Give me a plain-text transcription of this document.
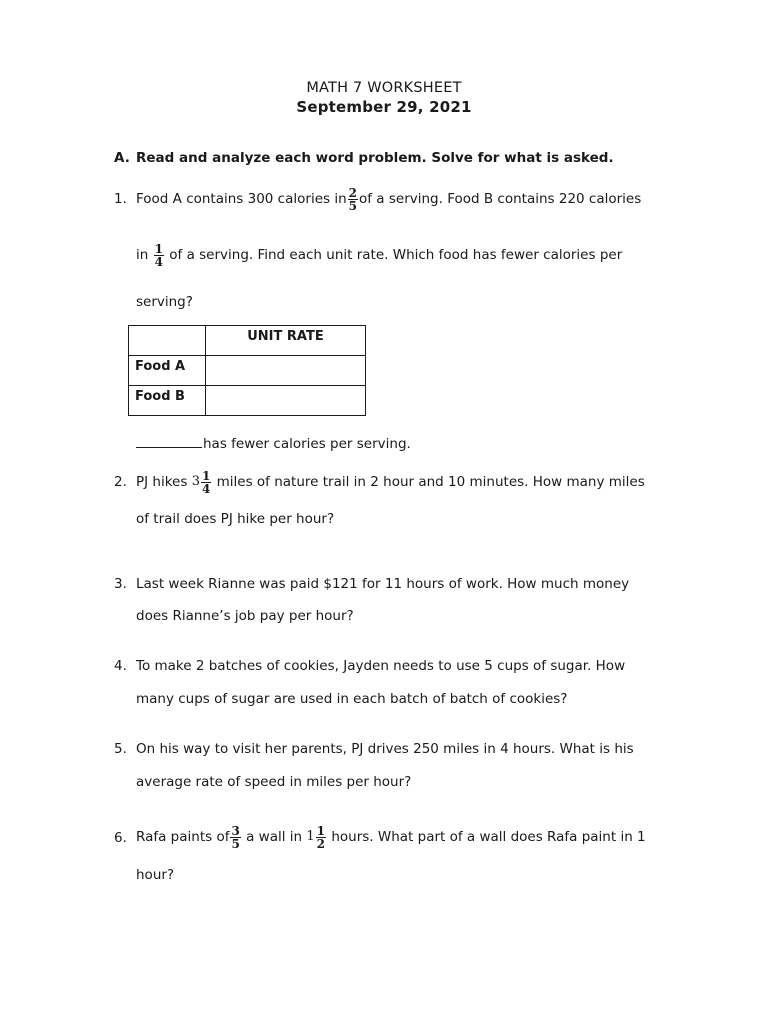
MATH 7 WORKSHEET
September 29, 2021
A. Read and analyze each word problem. Solve for what is asked.
1. Food A contains 300 calories in $\frac{2}{5}$ of a serving. Food B contains 220 calories
in $\frac{1}{4}$ of a serving. Find each unit rate. Which food has fewer calories per
serving?
	UNIT RATE
Food A	
Food B	
has fewer calories per serving.
2. PJ hikes $3 \frac{1}{4}$ miles of nature trail in 2 hour and 10 minutes. How many miles
of trail does PJ hike per hour?
3. Last week Rianne was paid $121 for 11 hours of work. How much money
does Rianne’s job pay per hour?
4. To make 2 batches of cookies, Jayden needs to use 5 cups of sugar. How
many cups of sugar are used in each batch of batch of cookies?
5. On his way to visit her parents, PJ drives 250 miles in 4 hours. What is his
average rate of speed in miles per hour?
6. Rafa paints of $\frac{3}{5}$ a wall in $1 \frac{1}{2}$ hours. What part of a wall does Rafa paint in 1
hour?
